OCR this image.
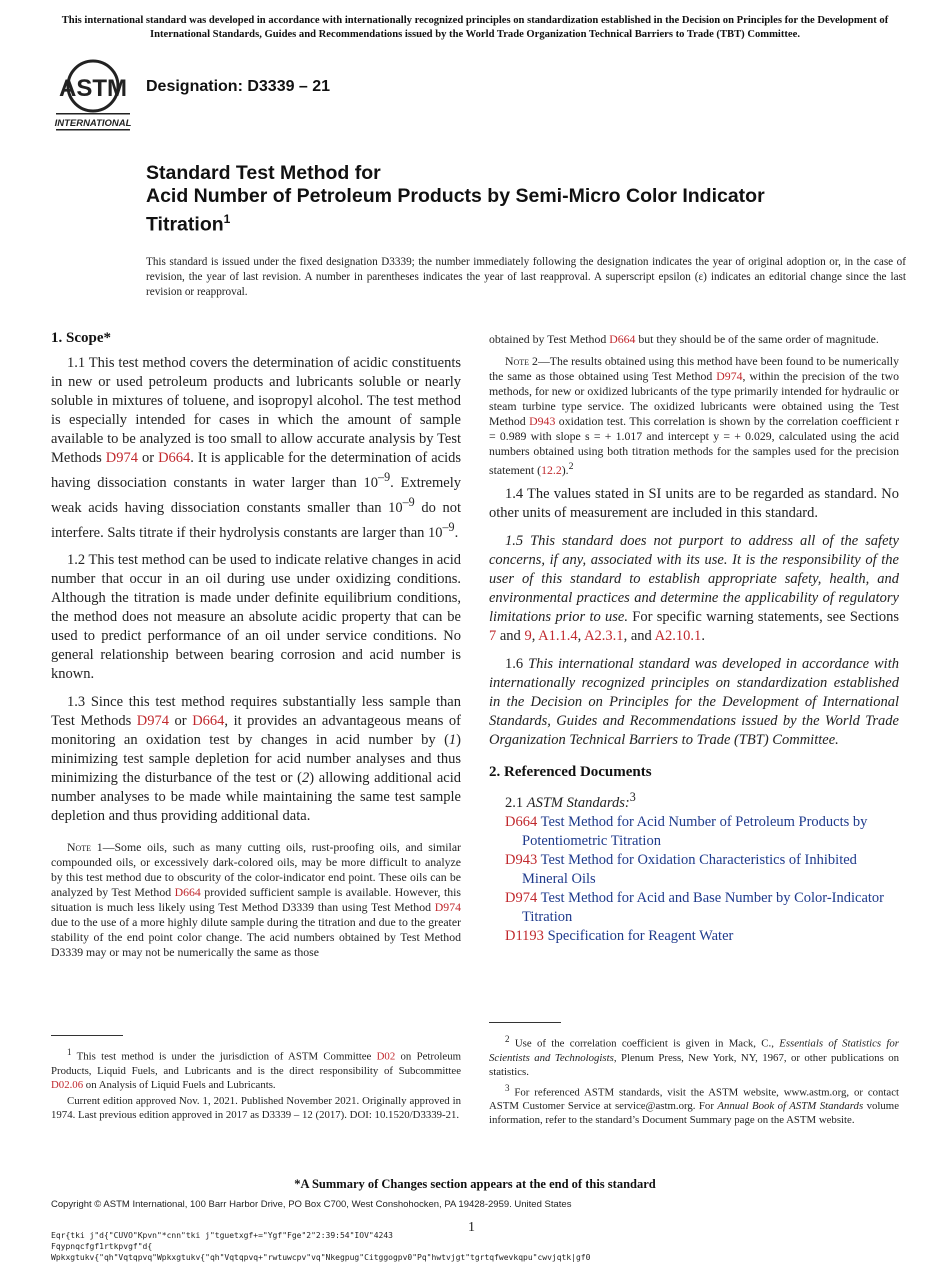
This international standard was developed in accordance with internationally recognized principles on standardization established in the Decision on Principles for the Development of International Standards, Guides and Recommendations issued by the World Trade Organization Technical Barriers to Trade (TBT) Committee.
ASTM
INTERNATIONAL
Designation: D3339 – 21
Standard Test Method for
Acid Number of Petroleum Products by Semi-Micro Color Indicator Titration$^1$
This standard is issued under the fixed designation D3339; the number immediately following the designation indicates the year of original adoption or, in the case of revision, the year of last revision. A number in parentheses indicates the year of last reapproval. A superscript epsilon (ε) indicates an editorial change since the last revision or reapproval.
1. Scope*

1.1 This test method covers the determination of acidic constituents in new or used petroleum products and lubricants soluble or nearly soluble in mixtures of toluene, and isopropyl alcohol. The test method is especially intended for cases in which the amount of sample available to be analyzed is too small to allow accurate analysis by Test Methods D974 or D664. It is applicable for the determination of acids having dissociation constants in water larger than $10^{-9}$. Extremely weak acids having dissociation constants smaller than $10^{-9}$ do not interfere. Salts titrate if their hydrolysis constants are larger than $10^{-9}$.

1.2 This test method can be used to indicate relative changes in acid number that occur in an oil during use under oxidizing conditions. Although the titration is made under definite equilibrium conditions, the method does not measure an absolute acidic property that can be used to predict performance of an oil under service conditions. No general relationship between bearing corrosion and acid number is known.

1.3 Since this test method requires substantially less sample than Test Methods D974 or D664, it provides an advantageous means of monitoring an oxidation test by changes in acid number by (1) minimizing test sample depletion for acid number analyses and thus minimizing the disturbance of the test or (2) allowing additional acid number analyses to be made while maintaining the same test sample depletion and thus providing additional data.

Note 1—Some oils, such as many cutting oils, rust-proofing oils, and similar compounded oils, or excessively dark-colored oils, may be more difficult to analyze by this test method due to obscurity of the color-indicator end point. These oils can be analyzed by Test Method D664 provided sufficient sample is available. However, this situation is much less likely using Test Method D3339 than using Test Method D974 due to the use of a more highly dilute sample during the titration and due to the greater stability of the end point color change. The acid numbers obtained by Test Method D3339 may or may not be numerically the same as those

$^1$ This test method is under the jurisdiction of ASTM Committee D02 on Petroleum Products, Liquid Fuels, and Lubricants and is the direct responsibility of Subcommittee D02.06 on Analysis of Liquid Fuels and Lubricants.

Current edition approved Nov. 1, 2021. Published November 2021. Originally approved in 1974. Last previous edition approved in 2017 as D3339 – 12 (2017). DOI: 10.1520/D3339-21.

obtained by Test Method D664 but they should be of the same order of magnitude.

Note 2—The results obtained using this method have been found to be numerically the same as those obtained using Test Method D974, within the precision of the two methods, for new or oxidized lubricants of the type primarily intended for hydraulic or steam turbine type service. The oxidized lubricants were obtained using the Test Method D943 oxidation test. This correlation is shown by the correlation coefficient r = 0.989 with slope s = + 1.017 and intercept y = + 0.029, calculated using the acid numbers obtained using both titration methods for the samples used for the precision statement (12.2).$^2$

1.4 The values stated in SI units are to be regarded as standard. No other units of measurement are included in this standard.

1.5 This standard does not purport to address all of the safety concerns, if any, associated with its use. It is the responsibility of the user of this standard to establish appropriate safety, health, and environmental practices and determine the applicability of regulatory limitations prior to use. For specific warning statements, see Sections 7 and 9, A1.1.4, A2.3.1, and A2.10.1.

1.6 This international standard was developed in accordance with internationally recognized principles on standardization established in the Decision on Principles for the Development of International Standards, Guides and Recommendations issued by the World Trade Organization Technical Barriers to Trade (TBT) Committee.

2. Referenced Documents
2.1 ASTM Standards:$^3$
D664 Test Method for Acid Number of Petroleum Products by Potentiometric Titration
D943 Test Method for Oxidation Characteristics of Inhibited Mineral Oils
D974 Test Method for Acid and Base Number by Color-Indicator Titration
D1193 Specification for Reagent Water

$^2$ Use of the correlation coefficient is given in Mack, C., Essentials of Statistics for Scientists and Technologists, Plenum Press, New York, NY, 1967, or other publications on statistics.

$^3$ For referenced ASTM standards, visit the ASTM website, www.astm.org, or contact ASTM Customer Service at service@astm.org. For Annual Book of ASTM Standards volume information, refer to the standard’s Document Summary page on the ASTM website.

*A Summary of Changes section appears at the end of this standard
Copyright © ASTM International, 100 Barr Harbor Drive, PO Box C700, West Conshohocken, PA 19428-2959. United States
1
Eqr{tki j"d{"CUVO"Kpvn"*cnn"tki j"tguetxgf+="Ygf"Fge"2"2:39:54"IOV"4243
Fqypnqcfgf1rtkpvgf"d{
Wpkxgtukv{"qh"Vqtqpvq"Wpkxgtukv{"qh"Vqtqpvq+"rwtuwcpv"vq"Nkegpug"Citggogpv0"Pq"hwtvjgt"tgrtqfwevkqpu"cwvjqtk|gf0
